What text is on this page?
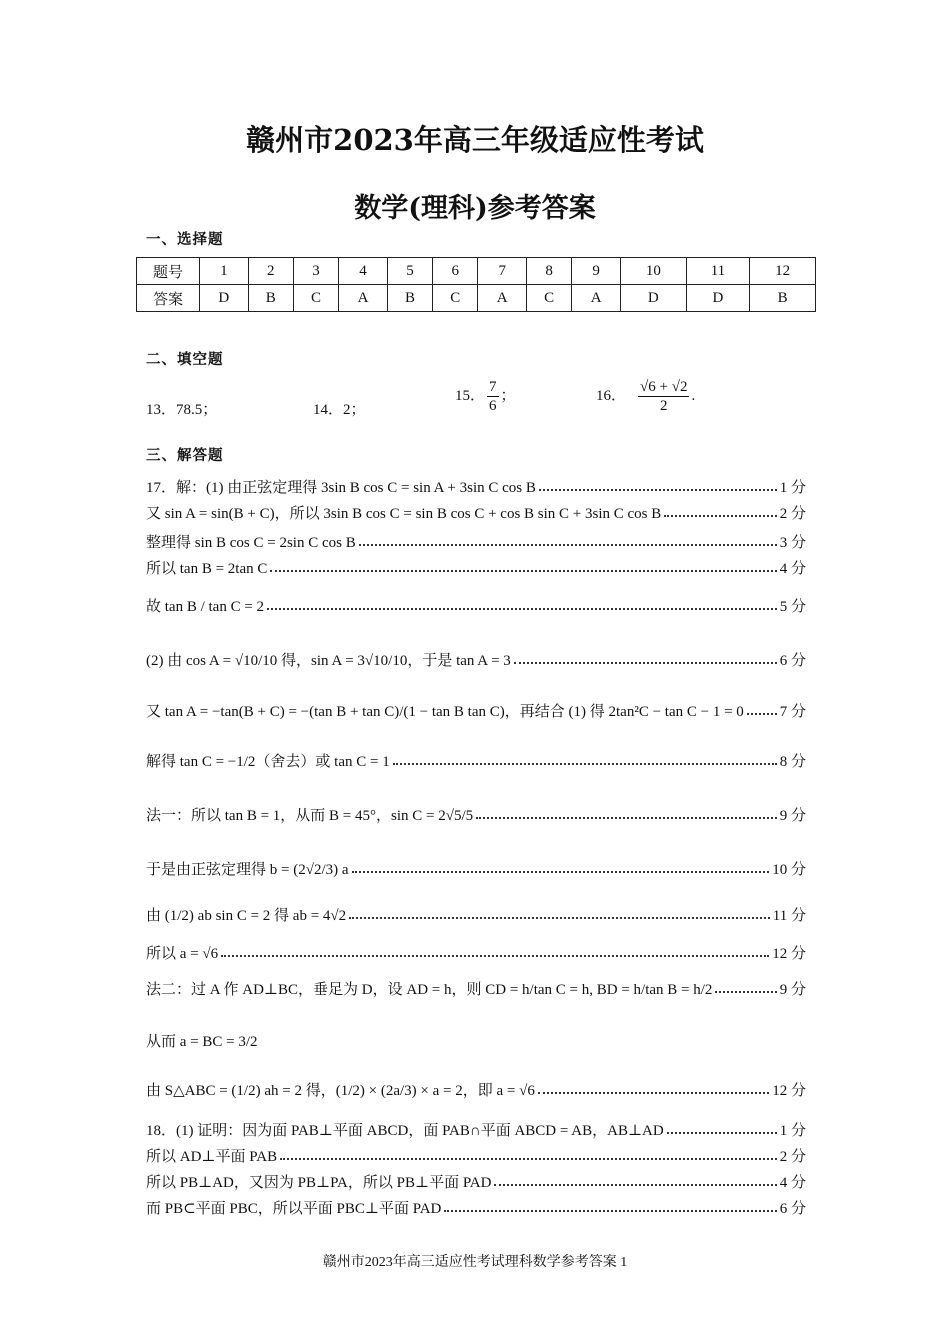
赣州市2023年高三年级适应性考试
数学(理科)参考答案
一、选择题
题号	1	2	3	4	5	6	7	8	9	10	11	12
答案	D	B	C	A	B	C	A	C	A	D	D	B
二、填空题
13．78.5；	14．2；
15． $\frac{7}{6}$ ；	16． $\frac{√6 + √2}{2}$ .
三、解答题
17．解：(1) 由正弦定理得 3sin B cos C = sin A + 3sin C cos B	1 分
又 sin A = sin(B + C)，所以 3sin B cos C = sin B cos C + cos B sin C + 3sin C cos B	2 分
整理得 sin B cos C = 2sin C cos B	3 分
所以 tan B = 2tan C	4 分
故 tan B / tan C = 2	5 分
(2) 由 cos A = √10/10 得，sin A = 3√10/10，于是 tan A = 3	6 分
又 tan A = −tan(B + C) = −(tan B + tan C)/(1 − tan B tan C)，再结合 (1) 得 2tan²C − tan C − 1 = 0 7 分
解得 tan C = −1/2（舍去）或 tan C = 1	8 分
法一：所以 tan B = 1，从而 B = 45°，sin C = 2√5/5	9 分
于是由正弦定理得 b = (2√2/3) a	10 分
由 (1/2) ab sin C = 2 得 ab = 4√2	11 分
所以 a = √6	12 分
法二：过 A 作 AD⊥BC，垂足为 D，设 AD = h，则 CD = h/tan C = h, BD = h/tan B = h/2	9 分
从而 a = BC = 3/2
由 S△ABC = (1/2) ah = 2 得，(1/2) × (2a/3) × a = 2，即 a = √6	12 分
18．(1) 证明：因为面 PAB⊥平面 ABCD，面 PAB∩平面 ABCD = AB，AB⊥AD	1 分
所以 AD⊥平面 PAB	2 分
所以 PB⊥AD，又因为 PB⊥PA，所以 PB⊥平面 PAD	4 分
而 PB⊂平面 PBC，所以平面 PBC⊥平面 PAD	6 分
赣州市2023年高三适应性考试理科数学参考答案 1
